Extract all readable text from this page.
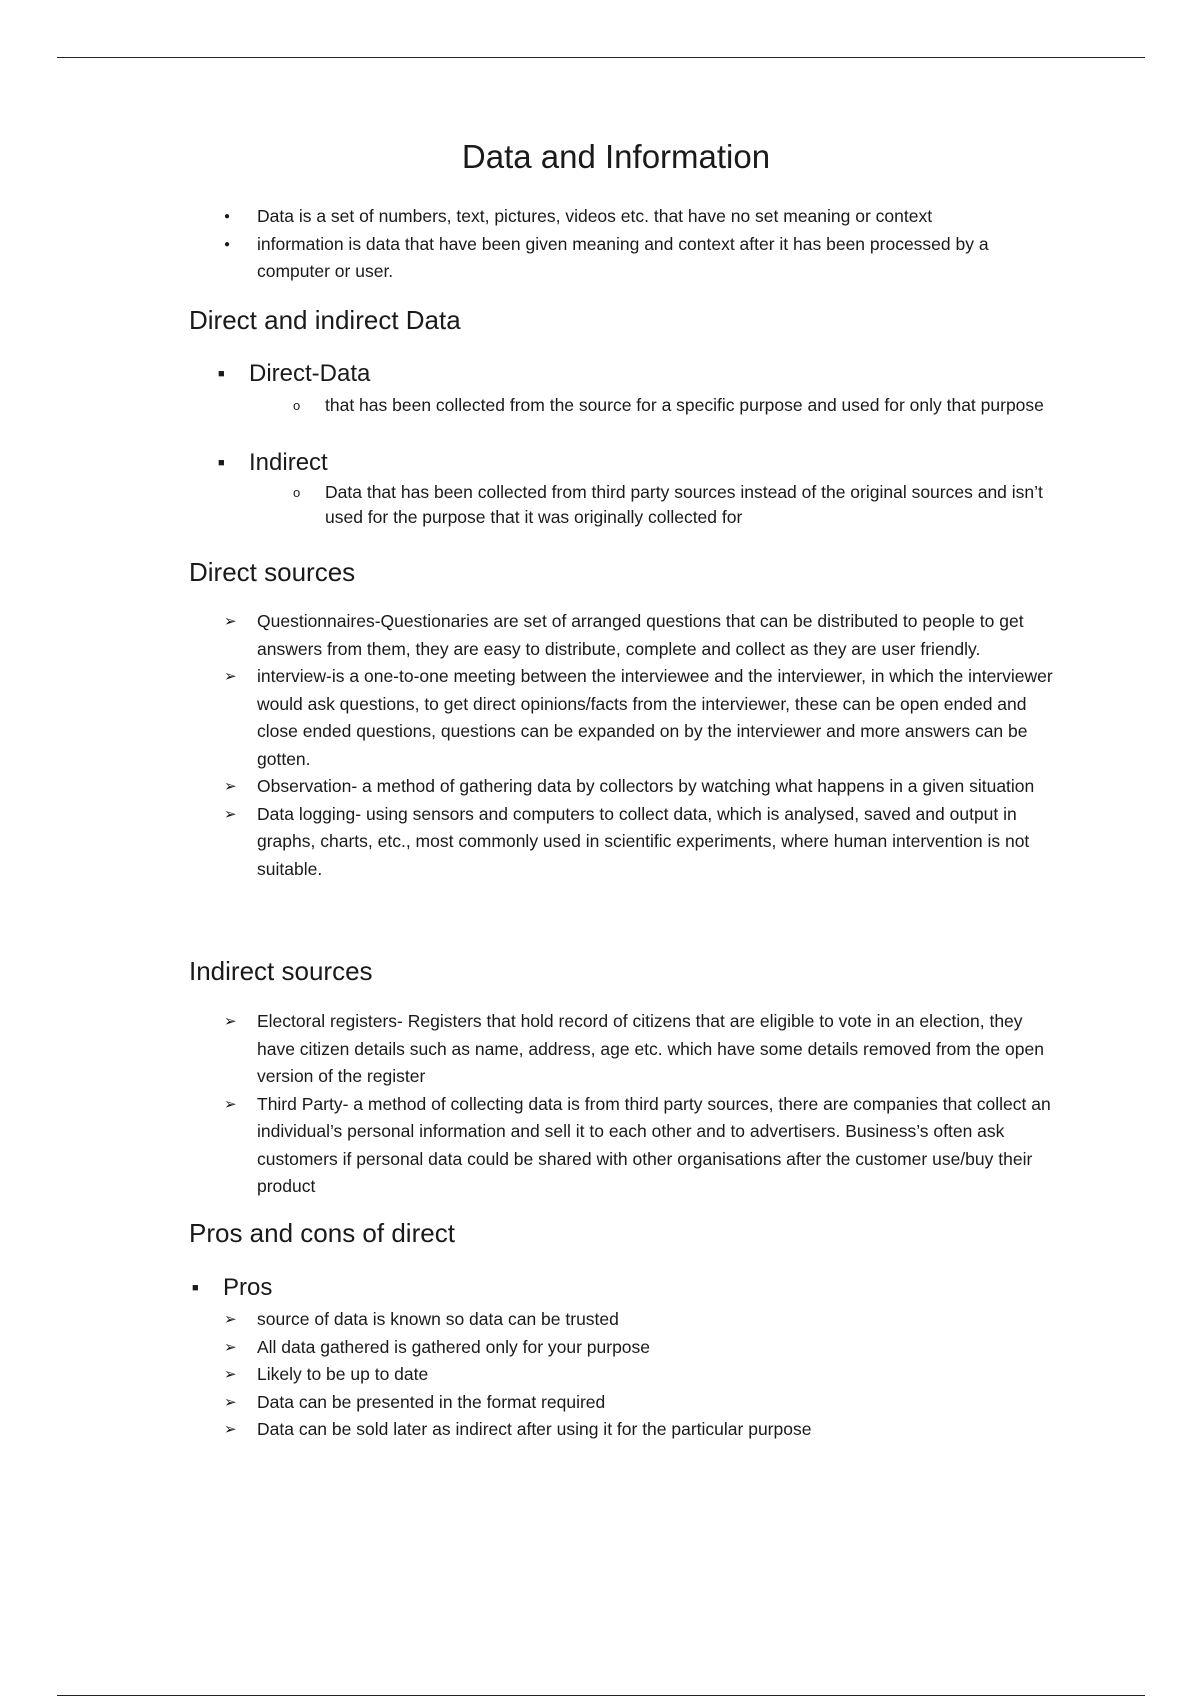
Data and Information
● Data is a set of numbers, text, pictures, videos etc. that have no set meaning or context
● information is data that have been given meaning and context after it has been processed by a computer or user.
Direct and indirect Data
■ Direct-Data
o that has been collected from the source for a specific purpose and used for only that purpose
■ Indirect
o Data that has been collected from third party sources instead of the original sources and isn’t used for the purpose that it was originally collected for
Direct sources
➢ Questionnaires-Questionaries are set of arranged questions that can be distributed to people to get answers from them, they are easy to distribute, complete and collect as they are user friendly.
➢ interview-is a one-to-one meeting between the interviewee and the interviewer, in which the interviewer would ask questions, to get direct opinions/facts from the interviewer, these can be open ended and close ended questions, questions can be expanded on by the interviewer and more answers can be gotten.
➢ Observation- a method of gathering data by collectors by watching what happens in a given situation
➢ Data logging- using sensors and computers to collect data, which is analysed, saved and output in graphs, charts, etc., most commonly used in scientific experiments, where human intervention is not suitable.
Indirect sources
➢ Electoral registers- Registers that hold record of citizens that are eligible to vote in an election, they have citizen details such as name, address, age etc. which have some details removed from the open version of the register
➢ Third Party- a method of collecting data is from third party sources, there are companies that collect an individual’s personal information and sell it to each other and to advertisers. Business’s often ask customers if personal data could be shared with other organisations after the customer use/buy their product
Pros and cons of direct
■ Pros
➢ source of data is known so data can be trusted
➢ All data gathered is gathered only for your purpose
➢ Likely to be up to date
➢ Data can be presented in the format required
➢ Data can be sold later as indirect after using it for the particular purpose
